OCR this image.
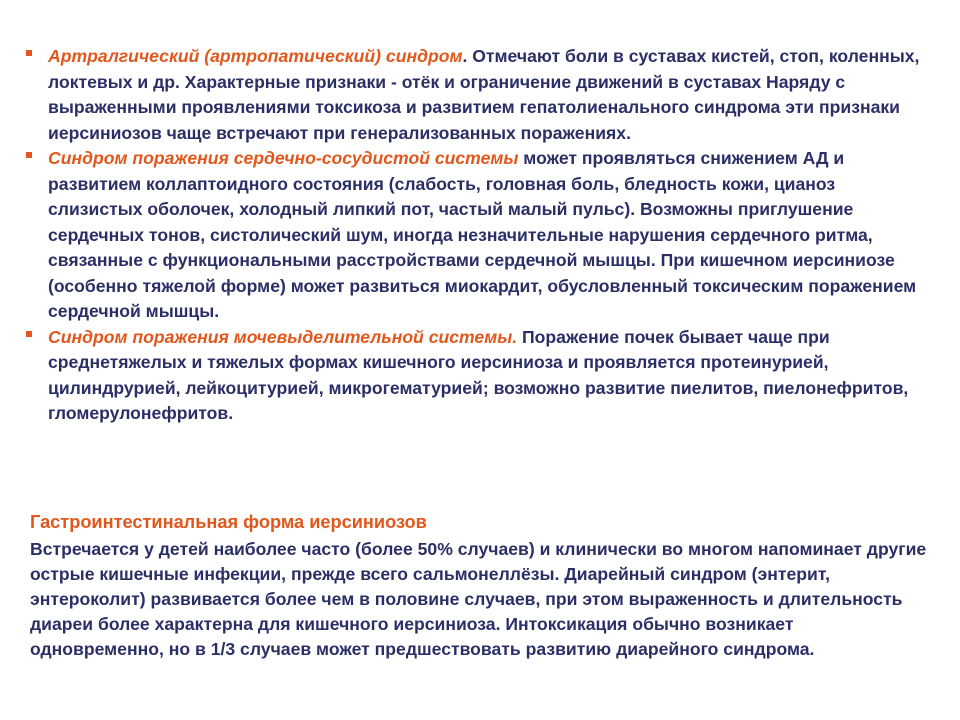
Артралгический (артропатический) синдром. Отмечают боли в суставах кистей, стоп, коленных, локтевых и др. Характерные признаки - отёк и ограничение движений в суставах Наряду с выраженными проявлениями токсикоза и развитием гепатолиенального синдрома эти признаки иерсиниозов чаще встречают при генерализованных поражениях.

Синдром поражения сердечно-сосудистой системы может проявляться снижением АД и развитием коллаптоидного состояния (слабость, головная боль, бледность кожи, цианоз слизистых оболочек, холодный липкий пот, частый малый пульс). Возможны приглушение сердечных тонов, систолический шум, иногда незначительные нарушения сердечного ритма, связанные с функциональными расстройствами сердечной мышцы. При кишечном иерсиниозе (особенно тяжелой форме) может развиться миокардит, обусловленный токсическим поражением сердечной мышцы.

Синдром поражения мочевыделительной системы. Поражение почек бывает чаще при среднетяжелых и тяжелых формах кишечного иерсиниоза и проявляется протеинурией, цилиндрурией, лейкоцитурией, микрогематурией; возможно развитие пиелитов, пиелонефритов, гломерулонефритов.

Гастроинтестинальная форма иерсиниозов
Встречается у детей наиболее часто (более 50% случаев) и клинически во многом напоминает другие острые кишечные инфекции, прежде всего сальмонеллёзы. Диарейный синдром (энтерит, энтероколит) развивается более чем в половине случаев, при этом выраженность и длительность диареи более характерна для кишечного иерсиниоза. Интоксикация обычно возникает одновременно, но в 1/3 случаев может предшествовать развитию диарейного синдрома.
